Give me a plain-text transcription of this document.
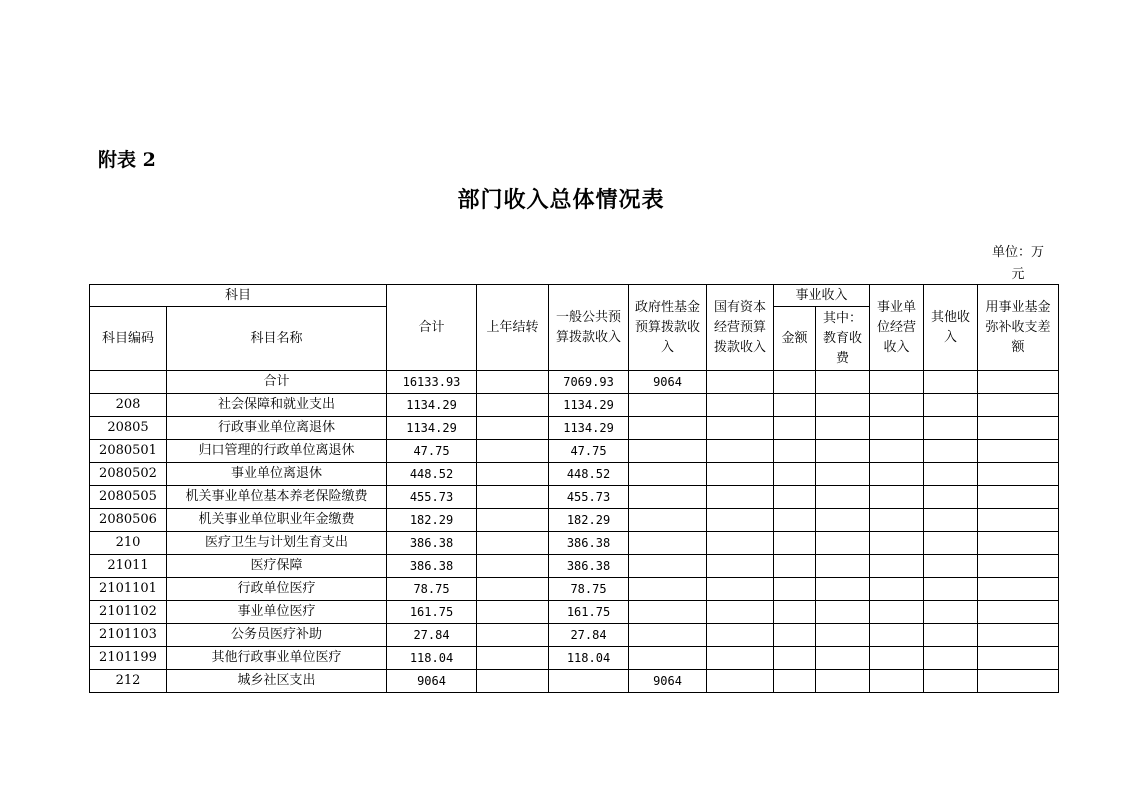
附表 2
部门收入总体情况表
单位：万元
科目		合计	上年结转	一般公共预算拨款收入	政府性基金预算拨款收入	国有资本经营预算拨款收入	事业收入		事业单位经营收入	其他收入	用事业基金弥补收支差额
科目编码	科目名称						金额	其中：教育收费			
	合计	16133.93		7069.93	9064						
208	社会保障和就业支出	1134.29		1134.29							
20805	行政事业单位离退休	1134.29		1134.29							
2080501	归口管理的行政单位离退休	47.75		47.75							
2080502	事业单位离退休	448.52		448.52							
2080505	机关事业单位基本养老保险缴费	455.73		455.73							
2080506	机关事业单位职业年金缴费	182.29		182.29							
210	医疗卫生与计划生育支出	386.38		386.38							
21011	医疗保障	386.38		386.38							
2101101	行政单位医疗	78.75		78.75							
2101102	事业单位医疗	161.75		161.75							
2101103	公务员医疗补助	27.84		27.84							
2101199	其他行政事业单位医疗	118.04		118.04							
212	城乡社区支出	9064			9064						
